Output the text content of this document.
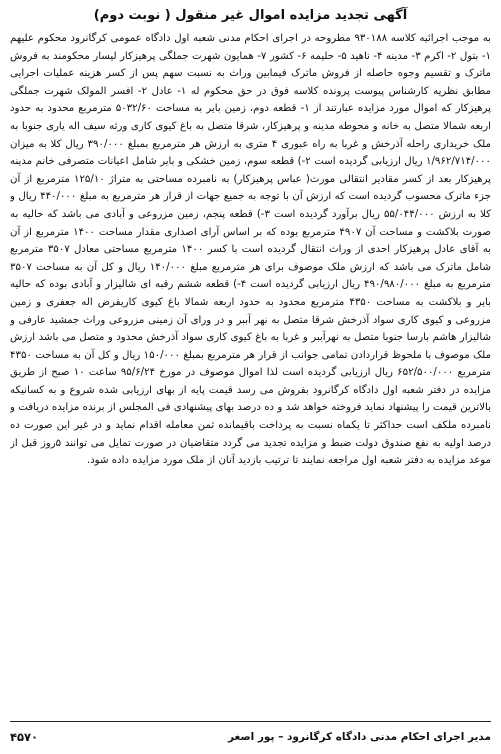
آگهی تجدید مزایده اموال غیر منقول ( نوبت دوم)

به موجب اجرائیه کلاسه ۹۳۰۱۸۸ مطروحه در اجرای احکام مدنی شعبه اول دادگاه عمومی کرگانرود محکوم علیهم ۱- بتول ۲- اکرم ۳- مدینه ۴- ناهید ۵- حلیمه ۶- کشور ۷- همایون شهرت جملگی پرهیزکار لیسار محکومند به فروش ماترک و تقسیم وجوه حاصله از فروش ماترک فیمابین وراث به نسبت سهم پس از کسر هزینه عملیات اجرایی مطابق نظریه کارشناس پیوست پرونده کلاسه فوق در حق محکوم له ۱- عادل ۲- افسر المولک شهرت جملگی پرهیزکار که اموال مورد مزایده عبارتند از ۱- قطعه دوم، زمین بایر به مساحت ۵۰۳۲/۶۰ مترمربع محدود به حدود اربعه شمالا متصل به خانه و محوطه مدینه و پرهیزکار، شرقا متصل به باغ کیوی کاری ورثه سیف اله یاری جنوبا به ملک خریداری راحله آذرخش و غربا به راه عبوری ۴ متری به ارزش هر مترمربع بمبلغ ۳۹۰/۰۰۰ ریال کلا به میزان ۱/۹۶۲/۷۱۴/۰۰۰ ریال ارزیابی گردیده است ۲-) قطعه سوم، زمین خشکی و بایر شامل اعیانات متصرفی خانم مدینه پرهیزکار بعد از کسر مقادیر انتقالی مورث( عباس پرهیزکار) به نامبرده مساحتی به متراژ ۱۲۵/۱۰ مترمربع از آن جزء ماترک محسوب گردیده است که ارزش آن با توجه به جمیع جهات از قرار هر مترمربع به مبلغ ۴۴۰/۰۰۰ ریال و کلا به ارزش ۵۵/۰۴۴/۰۰۰ ریال برآورد گردیده است ۳-) قطعه پنجم، زمین مزروعی و آبادی می باشد که حالیه به صورت بلاکشت و مساحت آن ۴۹۰۷ مترمربع بوده که بر اساس آرای اصداری مقدار مساحت ۱۴۰۰ مترمربع از آن به آقای عادل پرهیزکار احدی از وراث انتقال گردیده است با کسر ۱۴۰۰ مترمربع مساحتی معادل ۳۵۰۷ مترمربع شامل ماترک می باشد که ارزش ملک موصوف برای هر مترمربع مبلغ ۱۴۰/۰۰۰ ریال و کل آن به مساحت ۳۵۰۷ مترمربع به مبلغ ۴۹۰/۹۸۰/۰۰۰ ریال ارزیابی گردیده است ۴-) قطعه ششم رقبه ای شالیزار و آبادی بوده که حالیه بایر و بلاکشت به مساحت ۴۳۵۰ مترمربع محدود به حدود اربعه شمالا باغ کیوی کاریفرض اله جعفری و زمین مزروعی و کیوی کاری سواد آذرخش شرقا متصل به نهر آببر و در ورای آن زمینی مزروعی وراث جمشید عارفی و شالیزار هاشم بارسا جنوبا متصل به نهرآببر و غربا به باغ کیوی کاری سواد آذرخش محدود و متصل می باشد ارزش ملک موصوف با ملحوظ قراردادن تمامی جوانب از قرار هر مترمربع بمبلغ ۱۵۰/۰۰۰ ریال و کل آن به مساحت ۴۳۵۰ مترمربع ۶۵۲/۵۰۰/۰۰۰ ریال ارزیابی گردیده است لذا اموال موصوف در مورخ ۹۵/۶/۲۴ ساعت ۱۰ صبح از طریق مزایده در دفتر شعبه اول دادگاه کرگانرود بفروش می رسد قیمت پایه از بهای ارزیابی شده شروع و به کسانیکه بالاترین قیمت را پیشنهاد نماید فروخته خواهد شد و ده درصد بهای پیشنهادی فی المجلس از برنده مزایده دریافت و نامبرده ملکف است حداکثر تا یکماه نسبت به پرداخت باقیمانده ثمن معامله اقدام نماید و در غیر این صورت ده درصد اولیه به نفع صندوق دولت ضبط و مزایده تجدید می گردد متقاضیان در صورت تمایل می توانند ۵روز قبل از موعد مزایده به دفتر شعبه اول مراجعه نمایند تا ترتیب بازدید آنان از ملک مورد مزایده داده شود.

۴۵۷۰	مدیر اجرای احکام مدنی دادگاه کرگانرود – پور اصغر
